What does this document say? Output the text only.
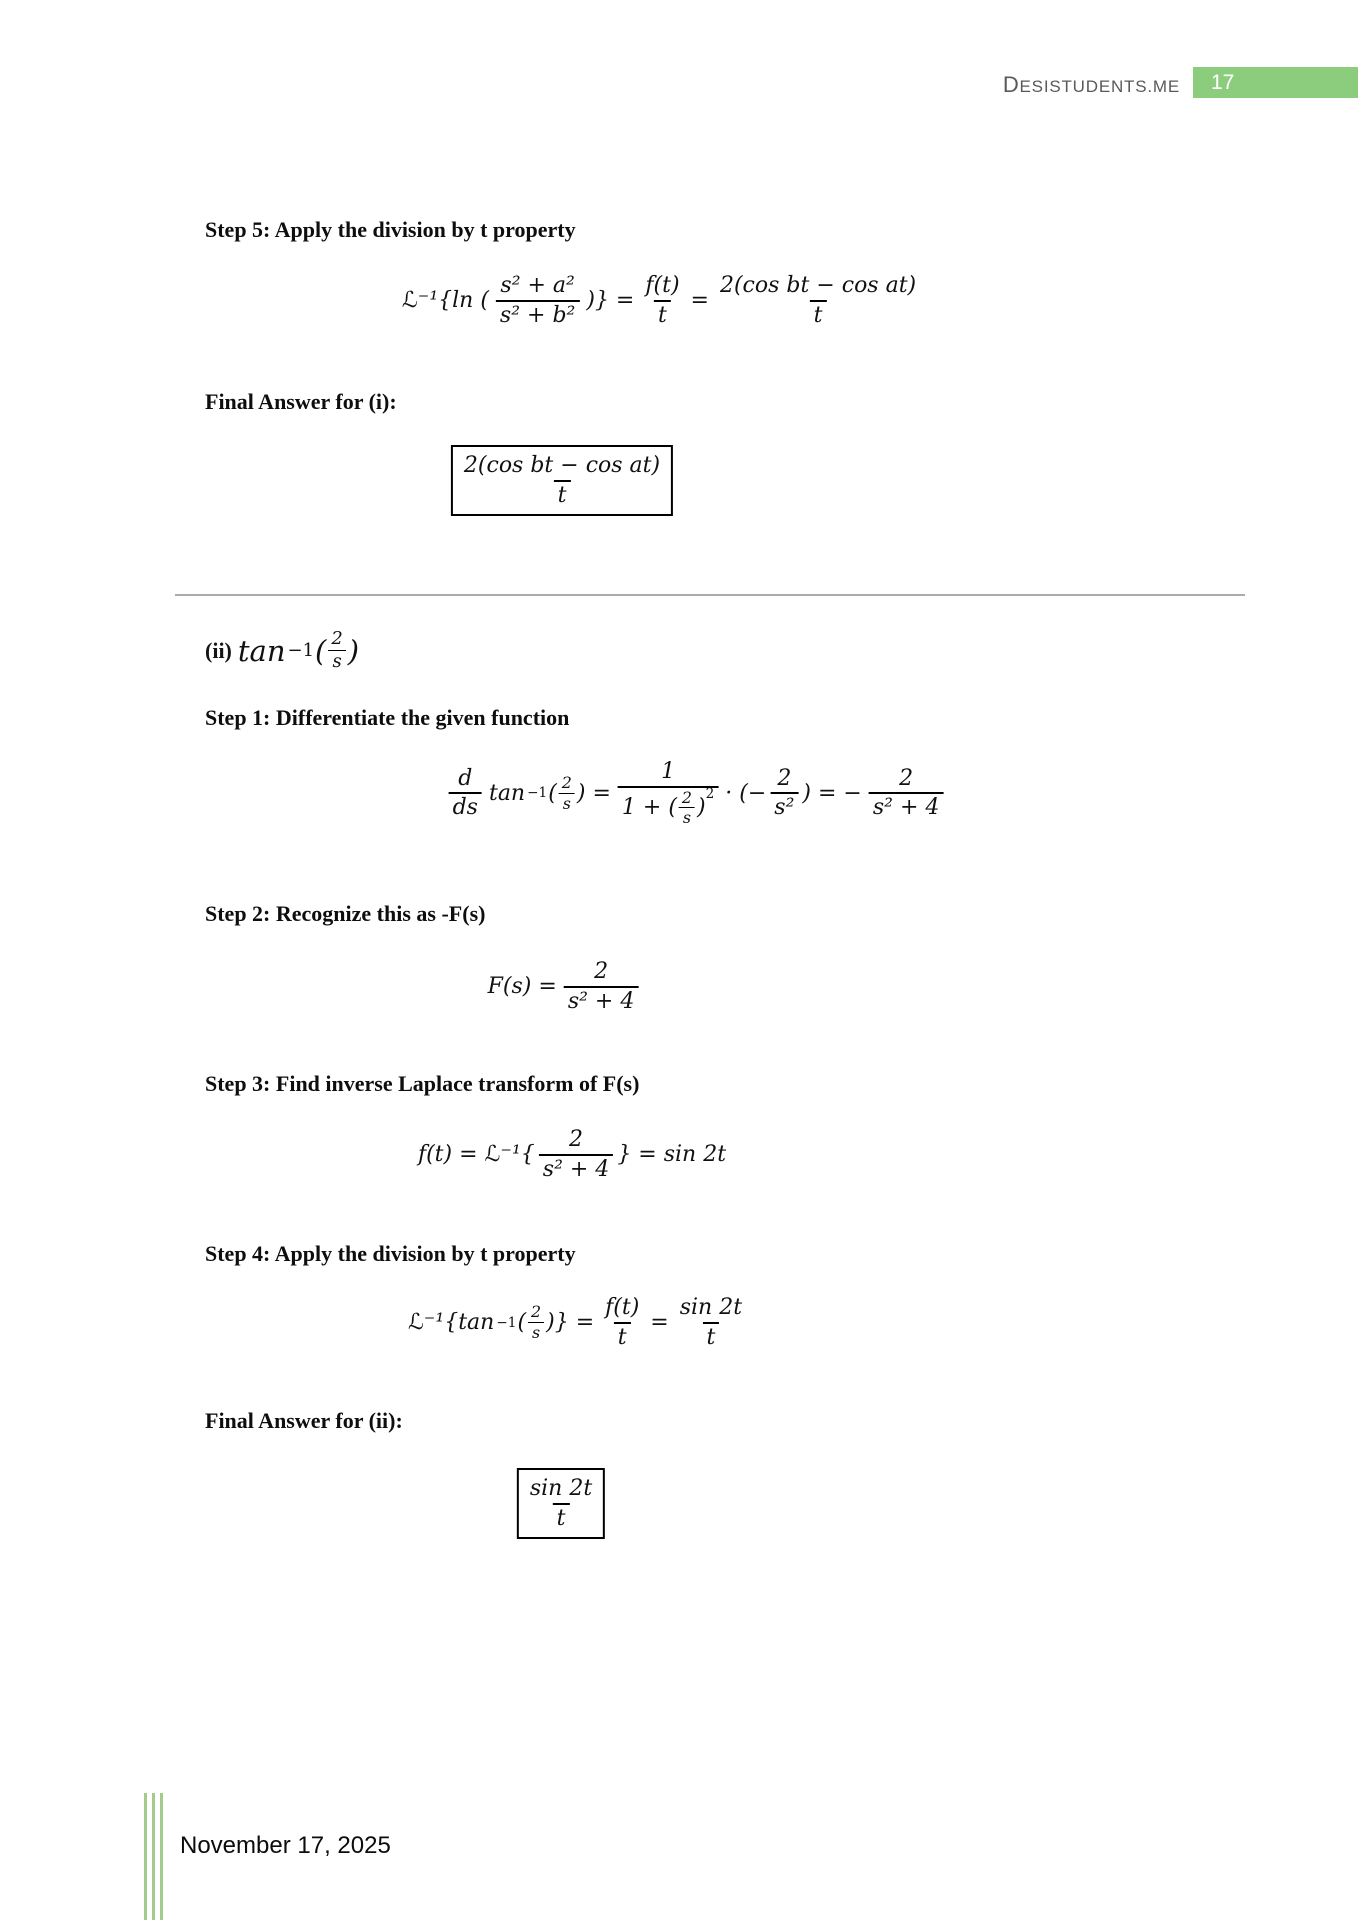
DESISTUDENTS.ME	17
Step 5: Apply the division by t property
ℒ⁻¹{ln ( $\frac{\text{s² + a²}}{\text{s² + b²}}$ )} = $\frac{f(t)}{t} = \frac{\text{2(cos bt − cos at)}}{t}$
Final Answer for (i):
$\frac{\text{2(cos bt − cos at)}}{t}$
(ii) tan −1 ( $\frac{2}{s}$ )
Step 1: Differentiate the given function
$\frac{d}{ds}$ tan −1 ( $\frac{2}{s}$ ) = 1
1 + ( $\frac{2}{s}$ )
2 · (− $\frac{2}{\text{s²}}$ ) = − $\frac{2}{\text{s² + 4}}$
Step 2: Recognize this as -F(s)
$F(s) = \frac{2}{\text{s² + 4}}$
Step 3: Find inverse Laplace transform of F(s)
f(t) = ℒ⁻¹{ $\frac{2}{\text{s² + 4}}$ } = sin 2t
Step 4: Apply the division by t property
ℒ⁻¹{tan −1 ( $\frac{2}{s}$ )} = $\frac{f(t)}{t} = \frac{\sin 2t}{t}$
Final Answer for (ii):
$\frac{\sin 2t}{t}$
November 17, 2025
